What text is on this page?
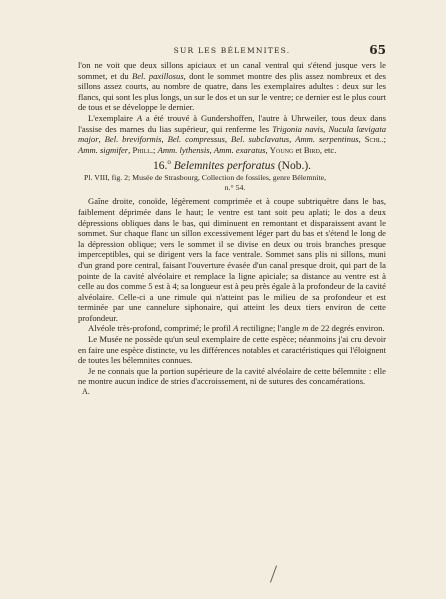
SUR LES BÉLEMNITES.	65

l'on ne voit que deux sillons apiciaux et un canal ventral qui s'étend jusque vers le sommet, et du Bel. paxillosus, dont le sommet montre des plis assez nombreux et des sillons assez courts, au nombre de quatre, dans les exemplaires adultes : deux sur les flancs, qui sont les plus longs, un sur le dos et un sur le ventre; ce dernier est le plus court de tous et se développe le dernier.

L'exemplaire A a été trouvé à Gundershoffen, l'autre à Uhrweiler, tous deux dans l'assise des marnes du lias supérieur, qui renferme les Trigonia navis, Nucula lævigata major, Bel. breviformis, Bel. compressus, Bel. subclavatus, Amm. serpentinus, Schl.; Amm. sigmifer, Phill.; Amm. lythensis, Amm. exaratus, Young et Bird, etc.

16.$^o$ Belemnites perforatus (Nob.).

Pl. VIII, fig. 2; Musée de Strasbourg, Collection de fossiles, genre Bélemnite,
n.° 54.

Gaîne droite, conoïde, légèrement comprimée et à coupe subtriquètre dans le bas, faiblement déprimée dans le haut; le ventre est tant soit peu aplati; le dos a deux dépressions obliques dans le bas, qui diminuent en remontant et disparaissent avant le sommet. Sur chaque flanc un sillon excessivement léger part du bas et s'étend le long de la dépression oblique; vers le sommet il se divise en deux ou trois branches presque imperceptibles, qui se dirigent vers la face ventrale. Sommet sans plis ni sillons, muni d'un grand pore central, faisant l'ouverture évasée d'un canal presque droit, qui part de la pointe de la cavité alvéolaire et remplace la ligne apiciale; sa distance au ventre est à celle au dos comme 5 est à 4; sa longueur est à peu près égale à la profondeur de la cavité alvéolaire. Celle-ci a une rimule qui n'atteint pas le milieu de sa profondeur et est terminée par une cannelure siphonaire, qui atteint les deux tiers environ de cette profondeur.

Alvéole très-profond, comprimé; le profil A rectiligne; l'angle m de 22 degrés environ.

Le Musée ne possède qu'un seul exemplaire de cette espèce; néanmoins j'ai cru devoir en faire une espèce distincte, vu les différences notables et caractéristiques qui l'éloignent de toutes les bélemnites connues.

Je ne connais que la portion supérieure de la cavité alvéolaire de cette bélemnite : elle ne montre aucun indice de stries d'accroissement, ni de sutures des concamérations.

A.
